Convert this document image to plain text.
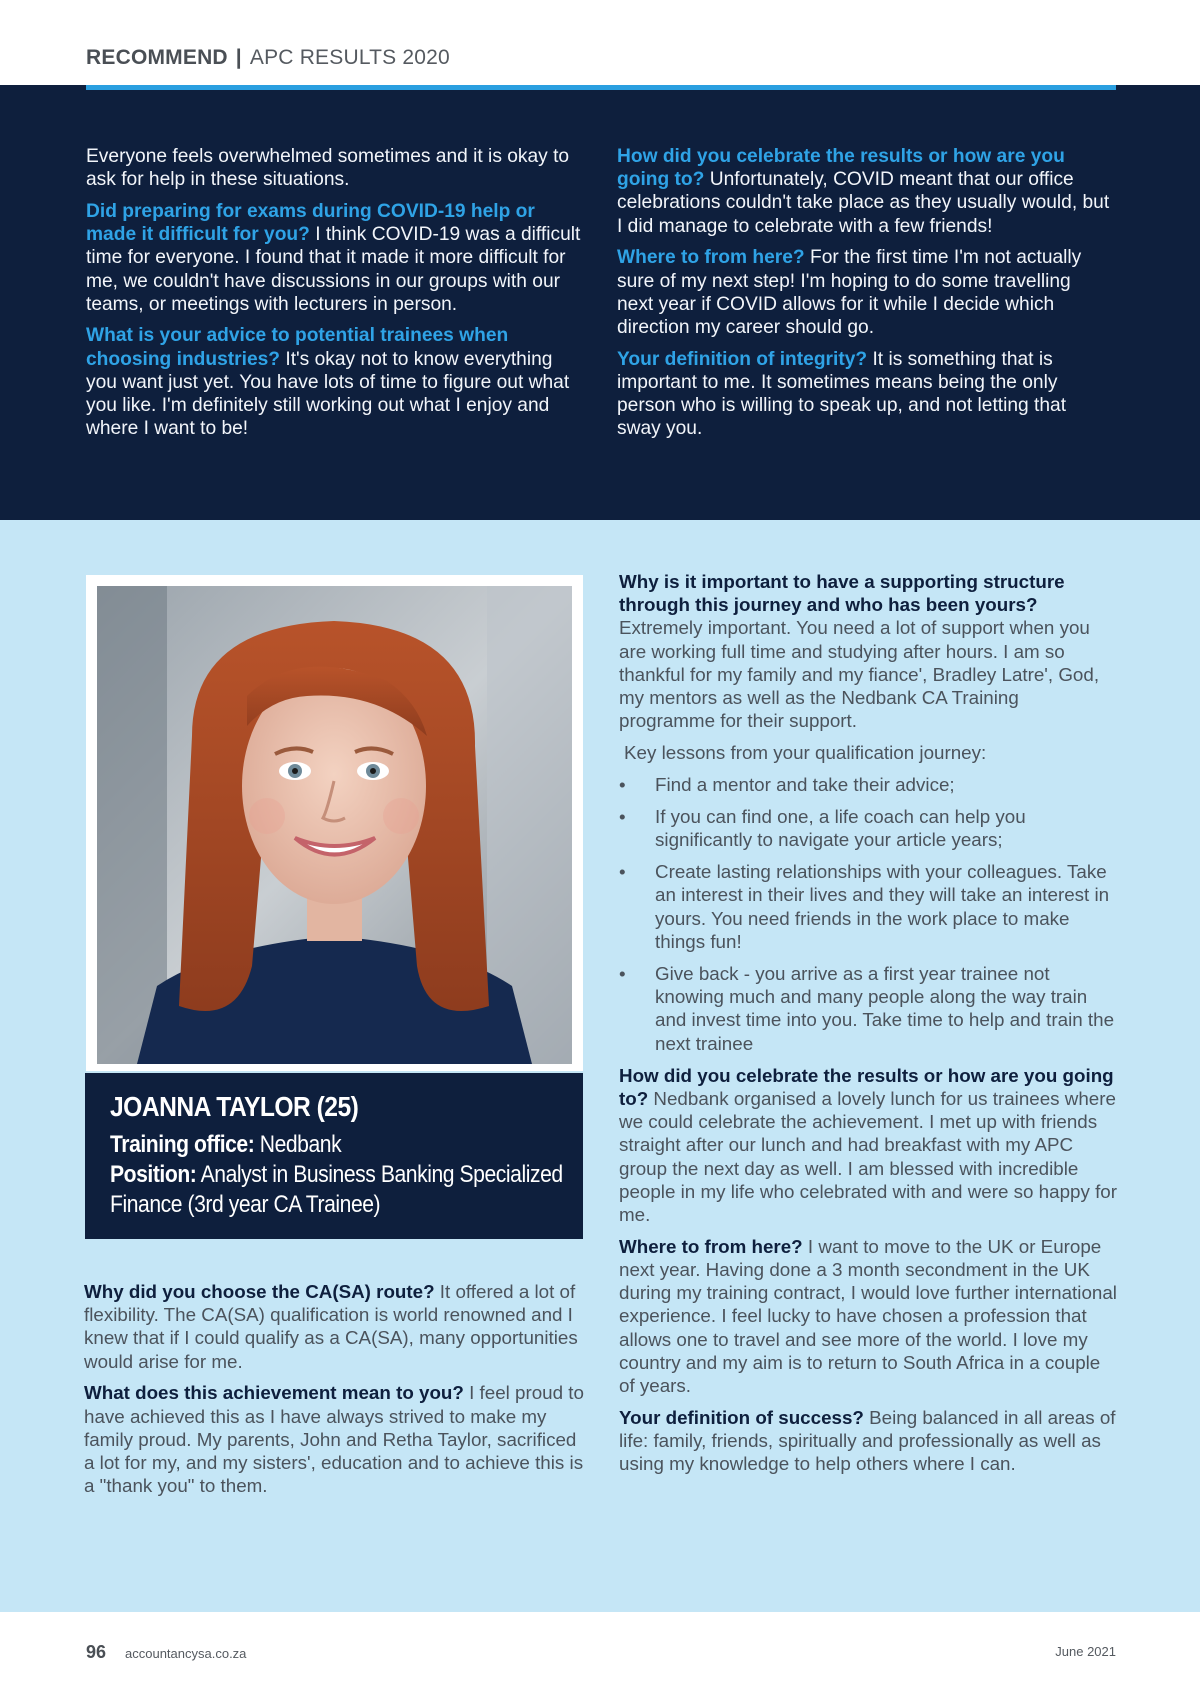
RECOMMEND | APC RESULTS 2020

Everyone feels overwhelmed sometimes and it is okay to ask for help in these situations.

Did preparing for exams during COVID-19 help or made it difficult for you? I think COVID-19 was a difficult time for everyone. I found that it made it more difficult for me, we couldn't have discussions in our groups with our teams, or meetings with lecturers in person.

What is your advice to potential trainees when choosing industries? It's okay not to know everything you want just yet. You have lots of time to figure out what you like. I'm definitely still working out what I enjoy and where I want to be!

How did you celebrate the results or how are you going to? Unfortunately, COVID meant that our office celebrations couldn't take place as they usually would, but I did manage to celebrate with a few friends!

Where to from here? For the first time I'm not actually sure of my next step! I'm hoping to do some travelling next year if COVID allows for it while I decide which direction my career should go.

Your definition of integrity? It is something that is important to me. It sometimes means being the only person who is willing to speak up, and not letting that sway you.

JOANNA TAYLOR (25)
Training office: Nedbank
Position: Analyst in Business Banking Specialized Finance (3rd year CA Trainee)

Why did you choose the CA(SA) route? It offered a lot of flexibility. The CA(SA) qualification is world renowned and I knew that if I could qualify as a CA(SA), many opportunities would arise for me.

What does this achievement mean to you? I feel proud to have achieved this as I have always strived to make my family proud. My parents, John and Retha Taylor, sacrificed a lot for my, and my sisters', education and to achieve this is a "thank you" to them.

Why is it important to have a supporting structure through this journey and who has been yours? Extremely important. You need a lot of support when you are working full time and studying after hours. I am so thankful for my family and my fiance', Bradley Latre', God, my mentors as well as the Nedbank CA Training programme for their support.

Key lessons from your qualification journey:

• Find a mentor and take their advice;
• If you can find one, a life coach can help you significantly to navigate your article years;
• Create lasting relationships with your colleagues. Take an interest in their lives and they will take an interest in yours. You need friends in the work place to make things fun!
• Give back - you arrive as a first year trainee not knowing much and many people along the way train and invest time into you. Take time to help and train the next trainee

How did you celebrate the results or how are you going to? Nedbank organised a lovely lunch for us trainees where we could celebrate the achievement. I met up with friends straight after our lunch and had breakfast with my APC group the next day as well. I am blessed with incredible people in my life who celebrated with and were so happy for me.

Where to from here? I want to move to the UK or Europe next year. Having done a 3 month secondment in the UK during my training contract, I would love further international experience. I feel lucky to have chosen a profession that allows one to travel and see more of the world. I love my country and my aim is to return to South Africa in a couple of years.

Your definition of success? Being balanced in all areas of life: family, friends, spiritually and professionally as well as using my knowledge to help others where I can.

96 accountancysa.co.za	June 2021
